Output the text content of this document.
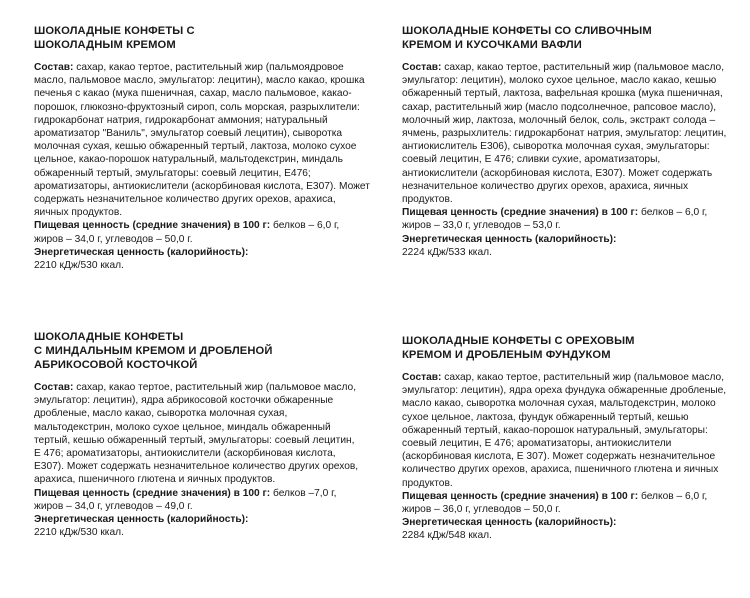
ШОКОЛАДНЫЕ КОНФЕТЫ С
ШОКОЛАДНЫМ КРЕМОМ

Состав: сахар, какао тертое, растительный жир (пальмоядровое масло, пальмовое масло, эмульгатор: лецитин), масло какао, крошка печенья с какао (мука пшеничная, сахар, масло пальмовое, какао-порошок, глюкозно-фруктозный сироп, соль морская, разрыхлители: гидрокарбонат натрия, гидрокарбонат аммония; натуральный ароматизатор "Ваниль", эмульгатор соевый лецитин), сыворотка молочная сухая, кешью обжаренный тертый, лактоза, молоко сухое цельное, какао-порошок натуральный, мальтодекстрин, миндаль обжаренный тертый, эмульгаторы: соевый лецитин, Е476; ароматизаторы, антиокислители (аскорбиновая кислота, Е307). Может содержать незначительное количество других орехов, арахиса, яичных продуктов.

Пищевая ценность (средние значения) в 100 г: белков – 6,0 г, жиров – 34,0 г, углеводов – 50,0 г.

Энергетическая ценность (калорийность):
2210 кДж/530 ккал.

ШОКОЛАДНЫЕ КОНФЕТЫ СО СЛИВОЧНЫМ
КРЕМОМ И КУСОЧКАМИ ВАФЛИ

Состав: сахар, какао тертое, растительный жир (пальмовое масло, эмульгатор: лецитин), молоко сухое цельное, масло какао, кешью обжаренный тертый, лактоза, вафельная крошка (мука пшеничная, сахар, растительный жир (масло подсолнечное, рапсовое масло), молочный жир, лактоза, молочный белок, соль, экстракт солода – ячмень, разрыхлитель: гидрокарбонат натрия, эмульгатор: лецитин, антиокислитель Е306), сыворотка молочная сухая, эмульгаторы: соевый лецитин, Е 476; сливки сухие, ароматизаторы, антиокислители (аскорбиновая кислота, Е307). Может содержать незначительное количество других орехов, арахиса, яичных продуктов.

Пищевая ценность (средние значения) в 100 г: белков – 6,0 г, жиров – 33,0 г, углеводов – 53,0 г.

Энергетическая ценность (калорийность):
2224 кДж/533 ккал.

ШОКОЛАДНЫЕ КОНФЕТЫ
С МИНДАЛЬНЫМ КРЕМОМ И ДРОБЛЕНОЙ
АБРИКОСОВОЙ КОСТОЧКОЙ

Состав: сахар, какао тертое, растительный жир (пальмовое масло, эмульгатор: лецитин), ядра абрикосовой косточки обжаренные дробленые, масло какао, сыворотка молочная сухая, мальтодекстрин, молоко сухое цельное, миндаль обжаренный тертый, кешью обжаренный тертый, эмульгаторы: соевый лецитин, Е 476; ароматизаторы, антиокислители (аскорбиновая кислота, Е307). Может содержать незначительное количество других орехов, арахиса, пшеничного глютена и яичных продуктов.

Пищевая ценность (средние значения) в 100 г: белков –7,0 г, жиров – 34,0 г, углеводов – 49,0 г.

Энергетическая ценность (калорийность):
2210 кДж/530 ккал.

ШОКОЛАДНЫЕ КОНФЕТЫ С ОРЕХОВЫМ
КРЕМОМ И ДРОБЛЕНЫМ ФУНДУКОМ

Состав: сахар, какао тертое, растительный жир (пальмовое масло, эмульгатор: лецитин), ядра ореха фундука обжаренные дробленые, масло какао, сыворотка молочная сухая, мальтодекстрин, молоко сухое цельное, лактоза, фундук обжаренный тертый, кешью обжаренный тертый, какао-порошок натуральный, эмульгаторы: соевый лецитин, Е 476; ароматизаторы, антиокислители (аскорбиновая кислота, Е 307). Может содержать незначительное количество других орехов, арахиса, пшеничного глютена и яичных продуктов.

Пищевая ценность (средние значения) в 100 г: белков – 6,0 г, жиров – 36,0 г, углеводов – 50,0 г.

Энергетическая ценность (калорийность):
2284 кДж/548 ккал.
